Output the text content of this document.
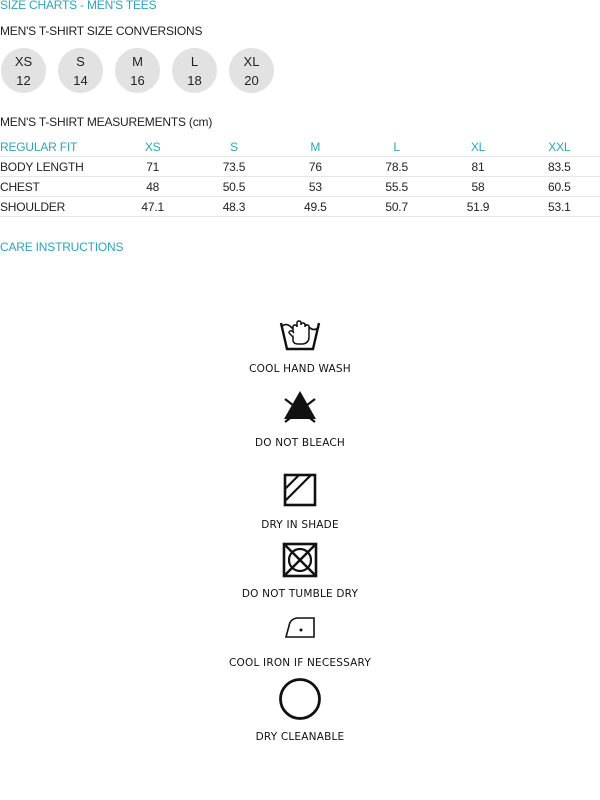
SIZE CHARTS - MEN'S TEES
MEN'S T-SHIRT SIZE CONVERSIONS
XS
12
S
14
M
16
L
18
XL
20
MEN'S T-SHIRT MEASUREMENTS (cm)
REGULAR FIT	XS	S	M	L	XL	XXL
BODY LENGTH	71	73.5	76	78.5	81	83.5
CHEST	48	50.5	53	55.5	58	60.5
SHOULDER	47.1	48.3	49.5	50.7	51.9	53.1
CARE INSTRUCTIONS
COOL HAND WASH
DO NOT BLEACH
DRY IN SHADE
DO NOT TUMBLE DRY
COOL IRON IF NECESSARY
DRY CLEANABLE
